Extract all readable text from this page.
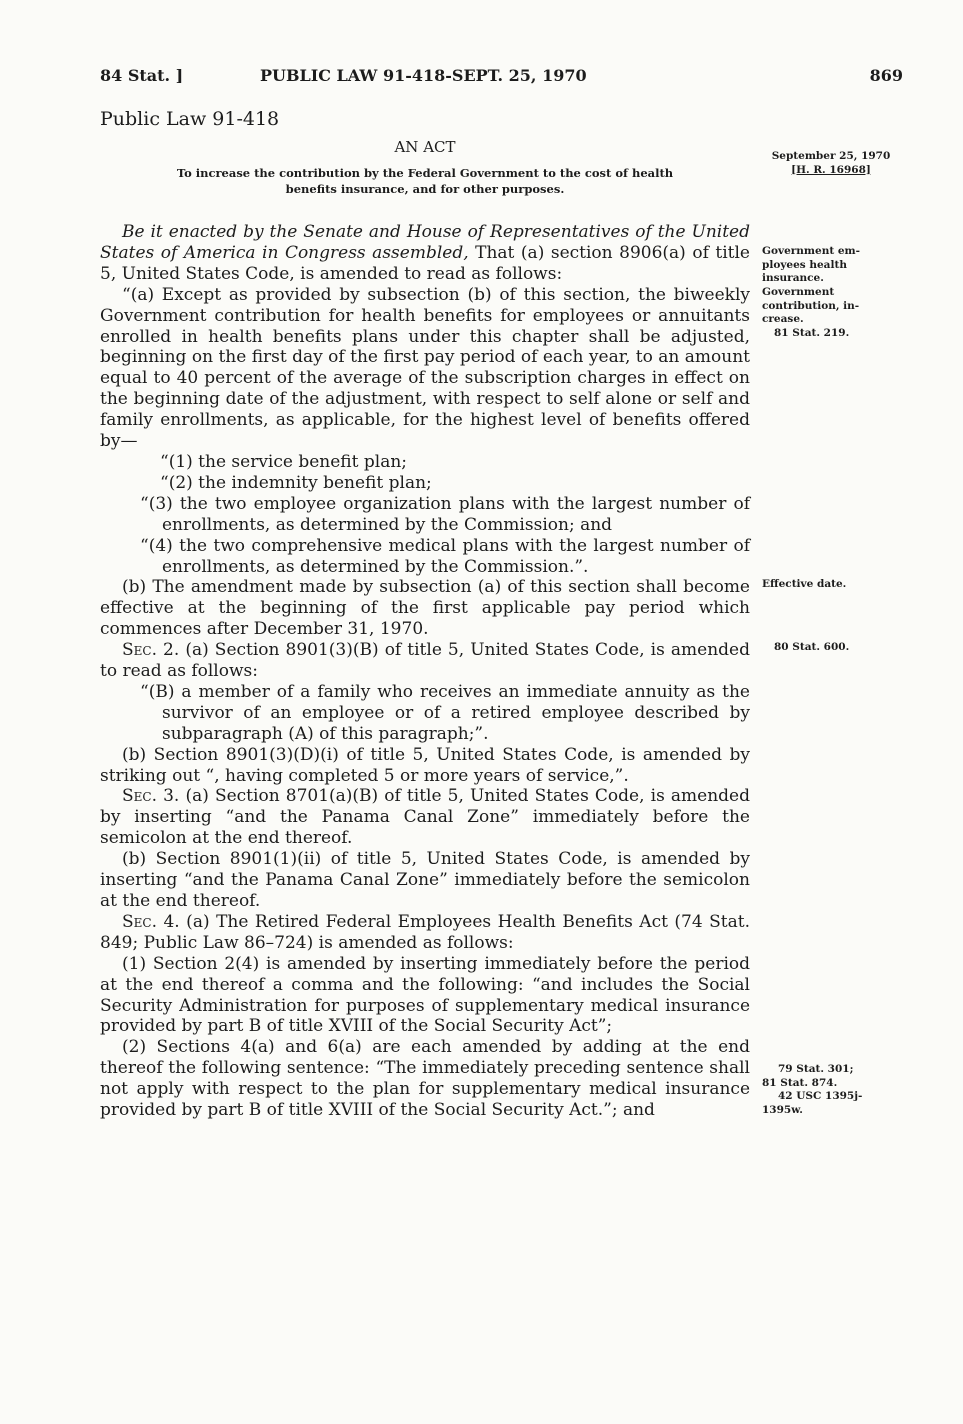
84 Stat. ]	PUBLIC LAW 91-418-SEPT. 25, 1970	869
Public Law 91-418
AN ACT
To increase the contribution by the Federal Government to the cost of health
benefits insurance, and for other purposes.
September 25, 1970
[H. R. 16968]
Government em-
ployees health
insurance.
Government
contribution, in-
crease.
81 Stat. 219.
Effective date.
80 Stat. 600.
79 Stat. 301;
81 Stat. 874.
42 USC 1395j-
1395w.

Be it enacted by the Senate and House of Representatives of the United States of America in Congress assembled, That (a) section 8906(a) of title 5, United States Code, is amended to read as follows:

“(a) Except as provided by subsection (b) of this section, the biweekly Government contribution for health benefits for employees or annuitants enrolled in health benefits plans under this chapter shall be adjusted, beginning on the first day of the first pay period of each year, to an amount equal to 40 percent of the average of the subscription charges in effect on the beginning date of the adjustment, with respect to self alone or self and family enrollments, as applicable, for the highest level of benefits offered by—

“(1) the service benefit plan;

“(2) the indemnity benefit plan;

“(3) the two employee organization plans with the largest number of enrollments, as determined by the Commission; and

“(4) the two comprehensive medical plans with the largest number of enrollments, as determined by the Commission.”.

(b) The amendment made by subsection (a) of this section shall become effective at the beginning of the first applicable pay period which commences after December 31, 1970.

Sec. 2. (a) Section 8901(3)(B) of title 5, United States Code, is amended to read as follows:

“(B) a member of a family who receives an immediate annuity as the survivor of an employee or of a retired employee described by subparagraph (A) of this paragraph;”.

(b) Section 8901(3)(D)(i) of title 5, United States Code, is amended by striking out “, having completed 5 or more years of service,”.

Sec. 3. (a) Section 8701(a)(B) of title 5, United States Code, is amended by inserting “and the Panama Canal Zone” immediately before the semicolon at the end thereof.

(b) Section 8901(1)(ii) of title 5, United States Code, is amended by inserting “and the Panama Canal Zone” immediately before the semicolon at the end thereof.

Sec. 4. (a) The Retired Federal Employees Health Benefits Act (74 Stat. 849; Public Law 86–724) is amended as follows:

(1) Section 2(4) is amended by inserting immediately before the period at the end thereof a comma and the following: “and includes the Social Security Administration for purposes of supplementary medical insurance provided by part B of title XVIII of the Social Security Act”;

(2) Sections 4(a) and 6(a) are each amended by adding at the end thereof the following sentence: “The immediately preceding sentence shall not apply with respect to the plan for supplementary medical insurance provided by part B of title XVIII of the Social Security Act.”; and
